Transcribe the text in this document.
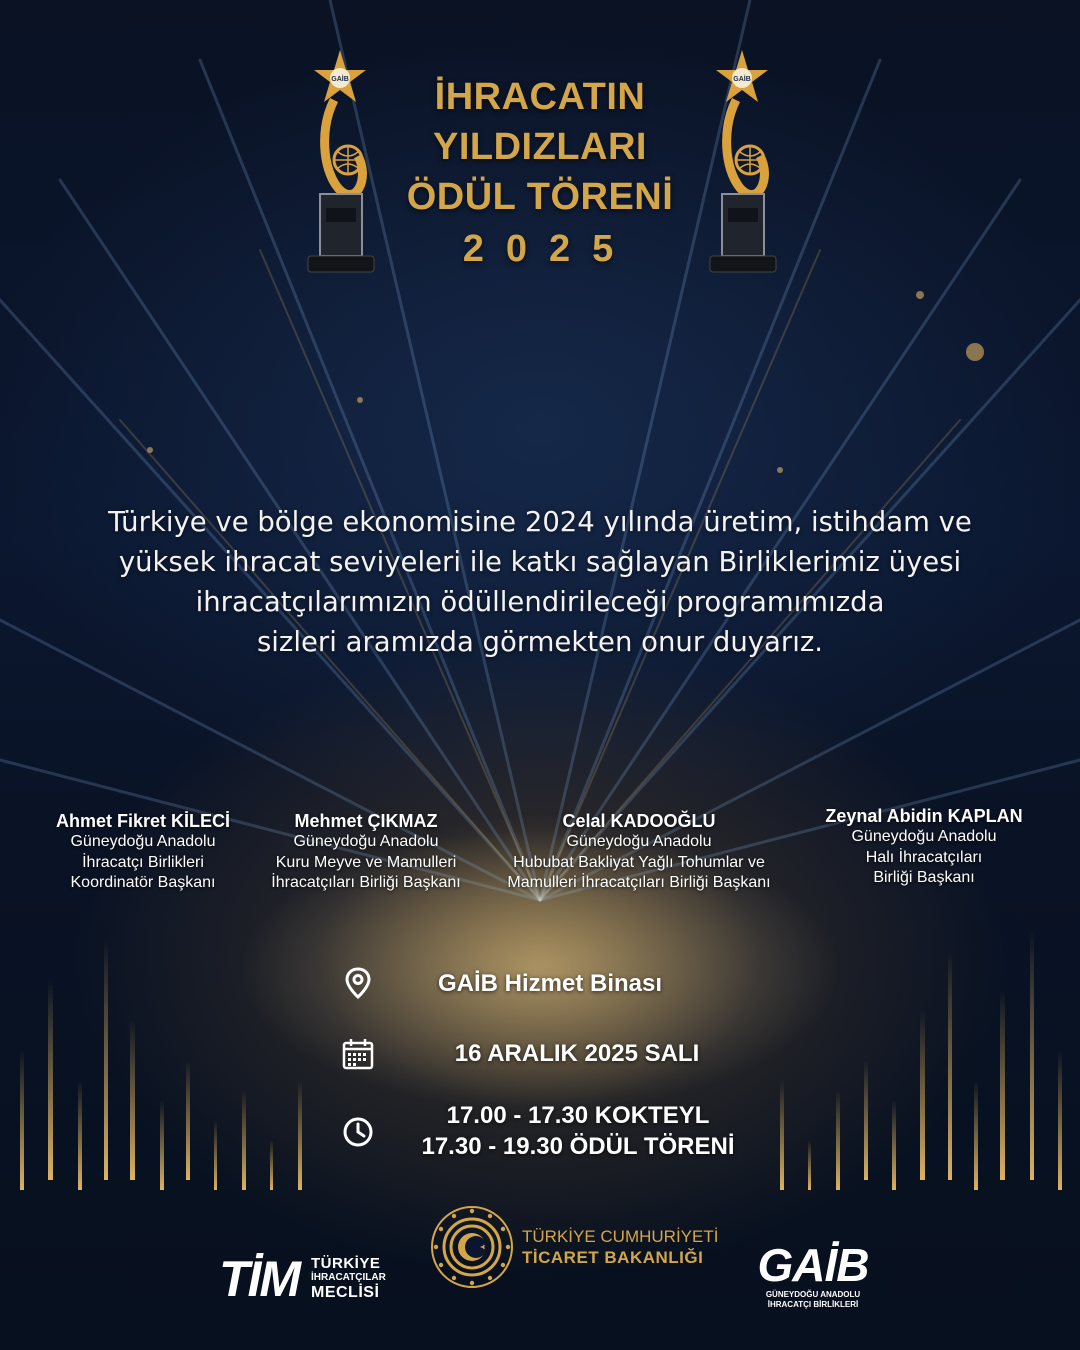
GAİB	GAİB
İHRACATIN
YILDIZLARI
ÖDÜL TÖRENİ
2025
Türkiye ve bölge ekonomisine 2024 yılında üretim, istihdam ve
yüksek ihracat seviyeleri ile katkı sağlayan Birliklerimiz üyesi
ihracatçılarımızın ödüllendirileceği programımızda
sizleri aramızda görmekten onur duyarız.
Ahmet Fikret KİLECİ
Güneydoğu Anadolu
İhracatçı Birlikleri
Koordinatör Başkanı
Mehmet ÇIKMAZ
Güneydoğu Anadolu
Kuru Meyve ve Mamulleri
İhracatçıları Birliği Başkanı
Celal KADOOĞLU
Güneydoğu Anadolu
Hububat Bakliyat Yağlı Tohumlar ve
Mamulleri İhracatçıları Birliği Başkanı
Zeynal Abidin KAPLAN
Güneydoğu Anadolu
Halı İhracatçıları
Birliği Başkanı
GAİB Hizmet Binası
16 ARALIK 2025 SALI
17.00 - 17.30 KOKTEYL
17.30 - 19.30 ÖDÜL TÖRENİ
TİM TÜRKİYE
İHRACATÇILAR
MECLİSİ
TÜRKİYE CUMHURİYETİ
TİCARET BAKANLIĞI	GAİB
GÜNEYDOĞU ANADOLU
İHRACATÇI BİRLİKLERİ
